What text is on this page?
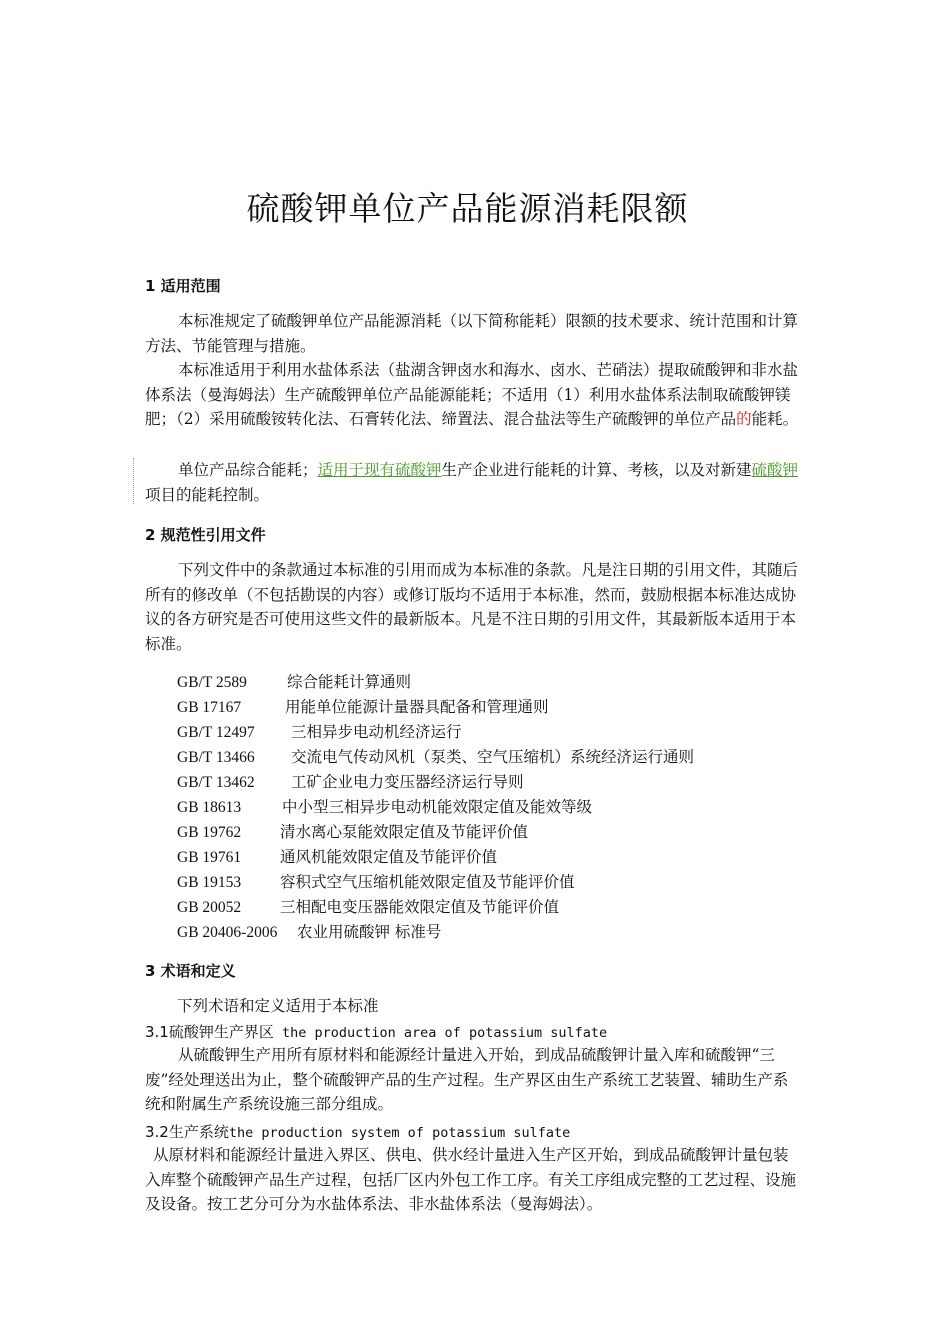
硫酸钾单位产品能源消耗限额
1 适用范围
本标准规定了硫酸钾单位产品能源消耗（以下简称能耗）限额的技术要求、统计范围和计算方法、节能管理与措施。
本标准适用于利用水盐体系法（盐湖含钾卤水和海水、卤水、芒硝法）提取硫酸钾和非水盐体系法（曼海姆法）生产硫酸钾单位产品能源能耗；不适用（1）利用水盐体系法制取硫酸钾镁肥；（2）采用硫酸铵转化法、石膏转化法、缔置法、混合盐法等生产硫酸钾的单位产品的能耗。
单位产品综合能耗；适用于现有硫酸钾生产企业进行能耗的计算、考核，以及对新建硫酸钾项目的能耗控制。
2 规范性引用文件
下列文件中的条款通过本标准的引用而成为本标准的条款。凡是注日期的引用文件，其随后所有的修改单（不包括勘误的内容）或修订版均不适用于本标准，然而，鼓励根据本标准达成协议的各方研究是否可使用这些文件的最新版本。凡是不注日期的引用文件，其最新版本适用于本标准。
GB/T 2589	综合能耗计算通则
GB 17167	用能单位能源计量器具配备和管理通则
GB/T 12497 三相异步电动机经济运行
GB/T 13466 交流电气传动风机（泵类、空气压缩机）系统经济运行通则
GB/T 13462 工矿企业电力变压器经济运行导则
GB 18613	中小型三相异步电动机能效限定值及能效等级
GB 19762	清水离心泵能效限定值及节能评价值
GB 19761	通风机能效限定值及节能评价值
GB 19153	容积式空气压缩机能效限定值及节能评价值
GB 20052	三相配电变压器能效限定值及节能评价值
GB 20406-2006 农业用硫酸钾 标准号
3 术语和定义
下列术语和定义适用于本标准
3.1硫酸钾生产界区 the production area of potassium sulfate
从硫酸钾生产用所有原材料和能源经计量进入开始，到成品硫酸钾计量入库和硫酸钾“三废”经处理送出为止，整个硫酸钾产品的生产过程。生产界区由生产系统工艺装置、辅助生产系统和附属生产系统设施三部分组成。
3.2生产系统the production system of potassium sulfate
从原材料和能源经计量进入界区、供电、供水经计量进入生产区开始，到成品硫酸钾计量包装入库整个硫酸钾产品生产过程，包括厂区内外包工作工序。有关工序组成完整的工艺过程、设施及设备。按工艺分可分为水盐体系法、非水盐体系法（曼海姆法）。
